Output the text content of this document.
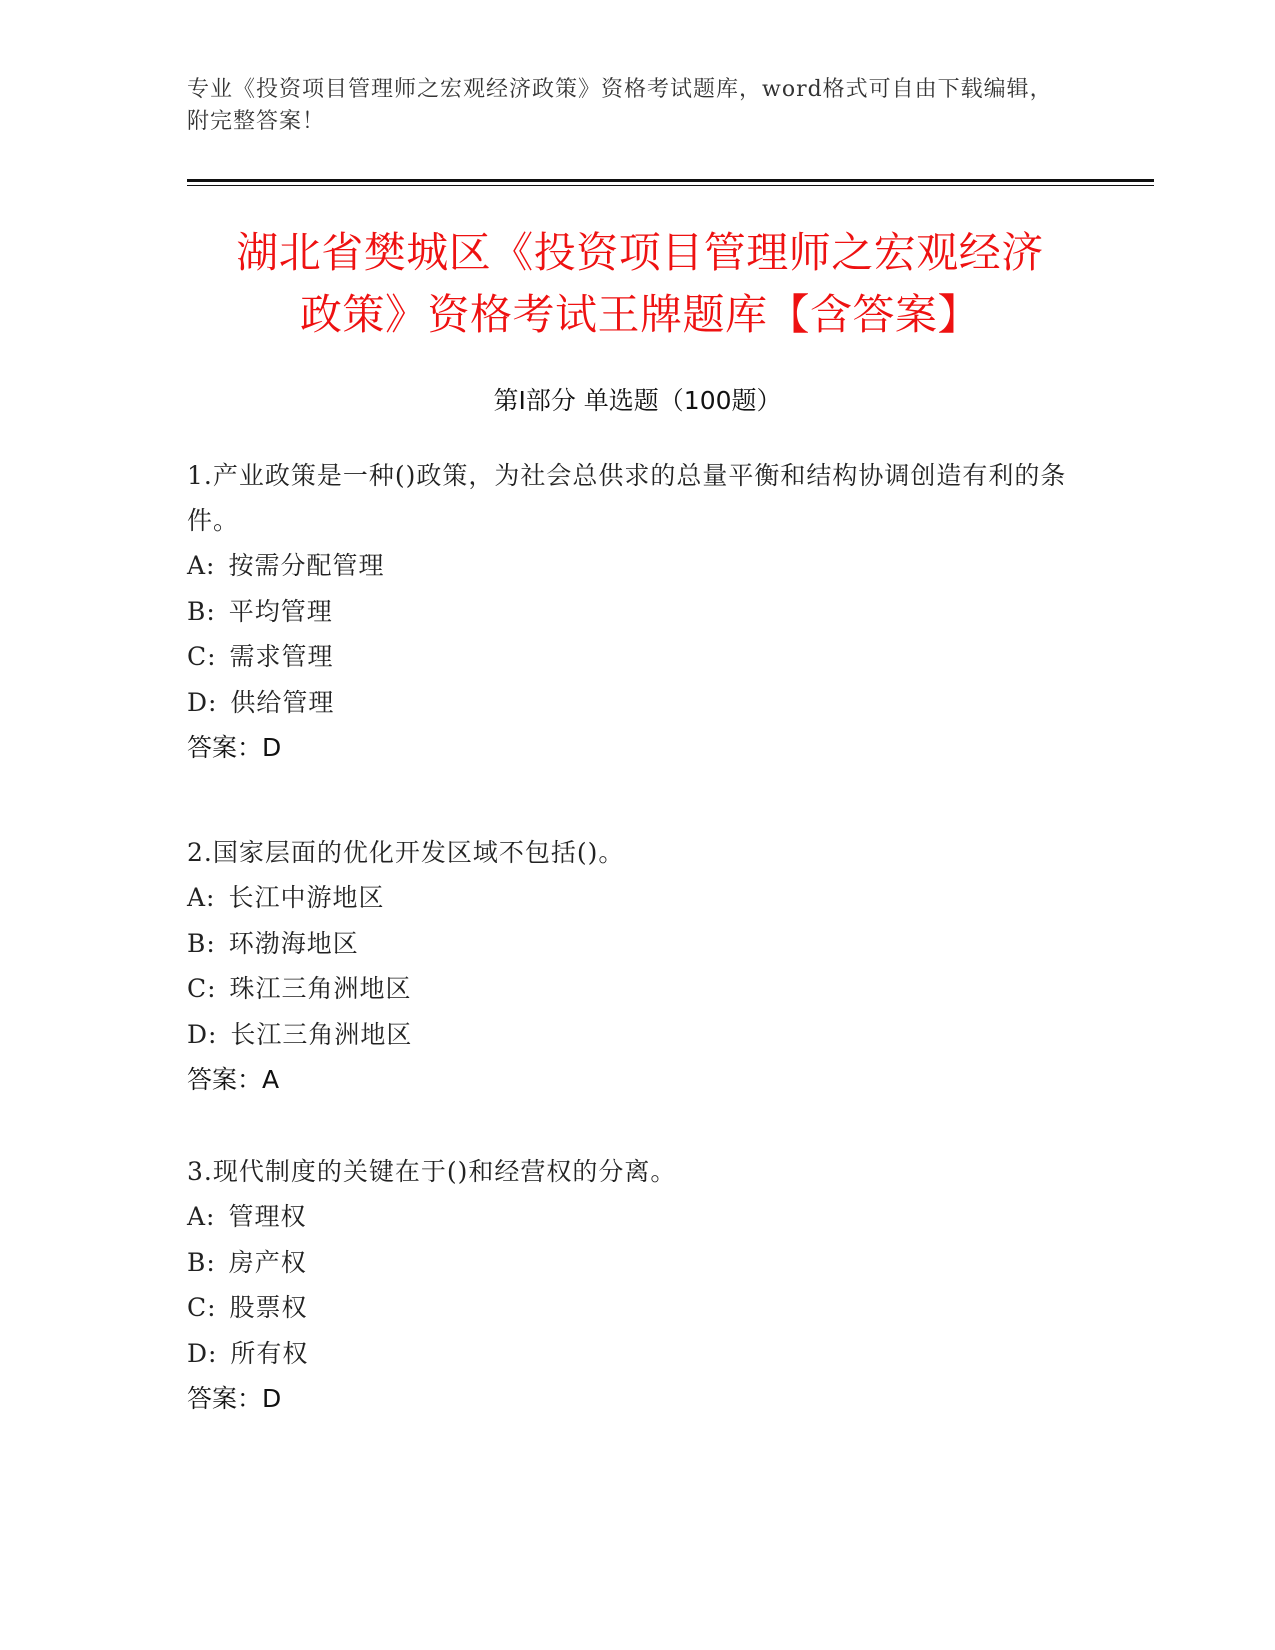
专业《投资项目管理师之宏观经济政策》资格考试题库，word格式可自由下载编辑，附完整答案！
湖北省樊城区《投资项目管理师之宏观经济
政策》资格考试王牌题库【含答案】
第Ⅰ部分 单选题（100题）

1.产业政策是一种()政策，为社会总供求的总量平衡和结构协调创造有利的条件。

A: 按需分配管理

B: 平均管理

C: 需求管理

D: 供给管理

答案：D

2.国家层面的优化开发区域不包括()。

A: 长江中游地区

B: 环渤海地区

C: 珠江三角洲地区

D: 长江三角洲地区

答案：A

3.现代制度的关键在于()和经营权的分离。

A: 管理权

B: 房产权

C: 股票权

D: 所有权

答案：D
